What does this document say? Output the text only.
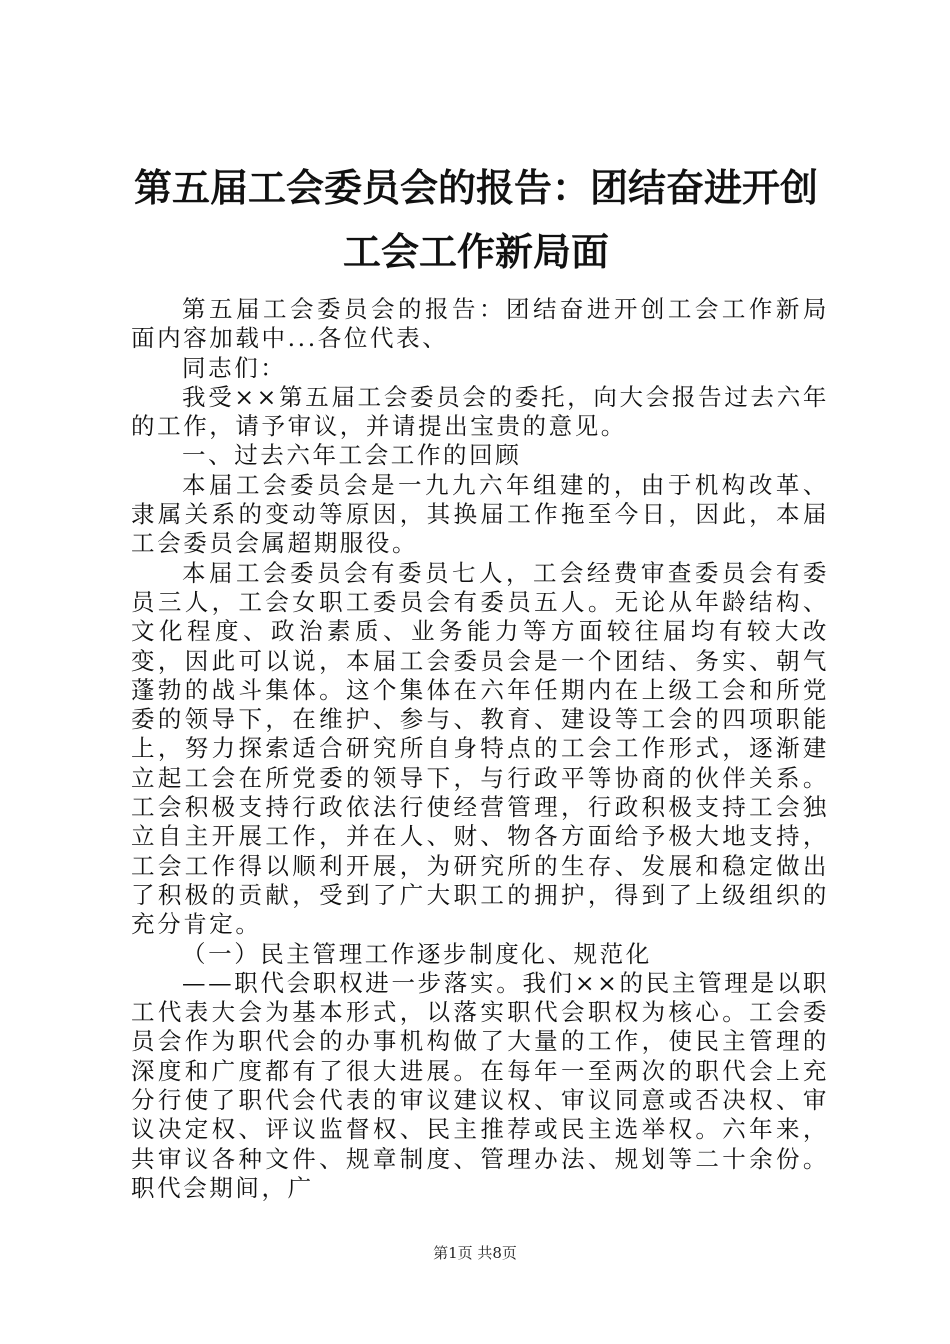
第五届工会委员会的报告：团结奋进开创工会工作新局面

第五届工会委员会的报告：团结奋进开创工会工作新局面内容加载中...各位代表、

同志们：

我受××第五届工会委员会的委托，向大会报告过去六年的工作，请予审议，并请提出宝贵的意见。

一、过去六年工会工作的回顾

本届工会委员会是一九九六年组建的，由于机构改革、隶属关系的变动等原因，其换届工作拖至今日，因此，本届工会委员会属超期服役。

本届工会委员会有委员七人，工会经费审查委员会有委员三人，工会女职工委员会有委员五人。无论从年龄结构、文化程度、政治素质、业务能力等方面较往届均有较大改变，因此可以说，本届工会委员会是一个团结、务实、朝气蓬勃的战斗集体。这个集体在六年任期内在上级工会和所党委的领导下，在维护、参与、教育、建设等工会的四项职能上，努力探索适合研究所自身特点的工会工作形式，逐渐建立起工会在所党委的领导下，与行政平等协商的伙伴关系。工会积极支持行政依法行使经营管理，行政积极支持工会独立自主开展工作，并在人、财、物各方面给予极大地支持，工会工作得以顺利开展，为研究所的生存、发展和稳定做出了积极的贡献，受到了广大职工的拥护，得到了上级组织的充分肯定。

（一）民主管理工作逐步制度化、规范化

——职代会职权进一步落实。我们××的民主管理是以职工代表大会为基本形式，以落实职代会职权为核心。工会委员会作为职代会的办事机构做了大量的工作，使民主管理的深度和广度都有了很大进展。在每年一至两次的职代会上充分行使了职代会代表的审议建议权、审议同意或否决权、审议决定权、评议监督权、民主推荐或民主选举权。六年来，共审议各种文件、规章制度、管理办法、规划等二十余份。职代会期间，广

第1页 共8页
